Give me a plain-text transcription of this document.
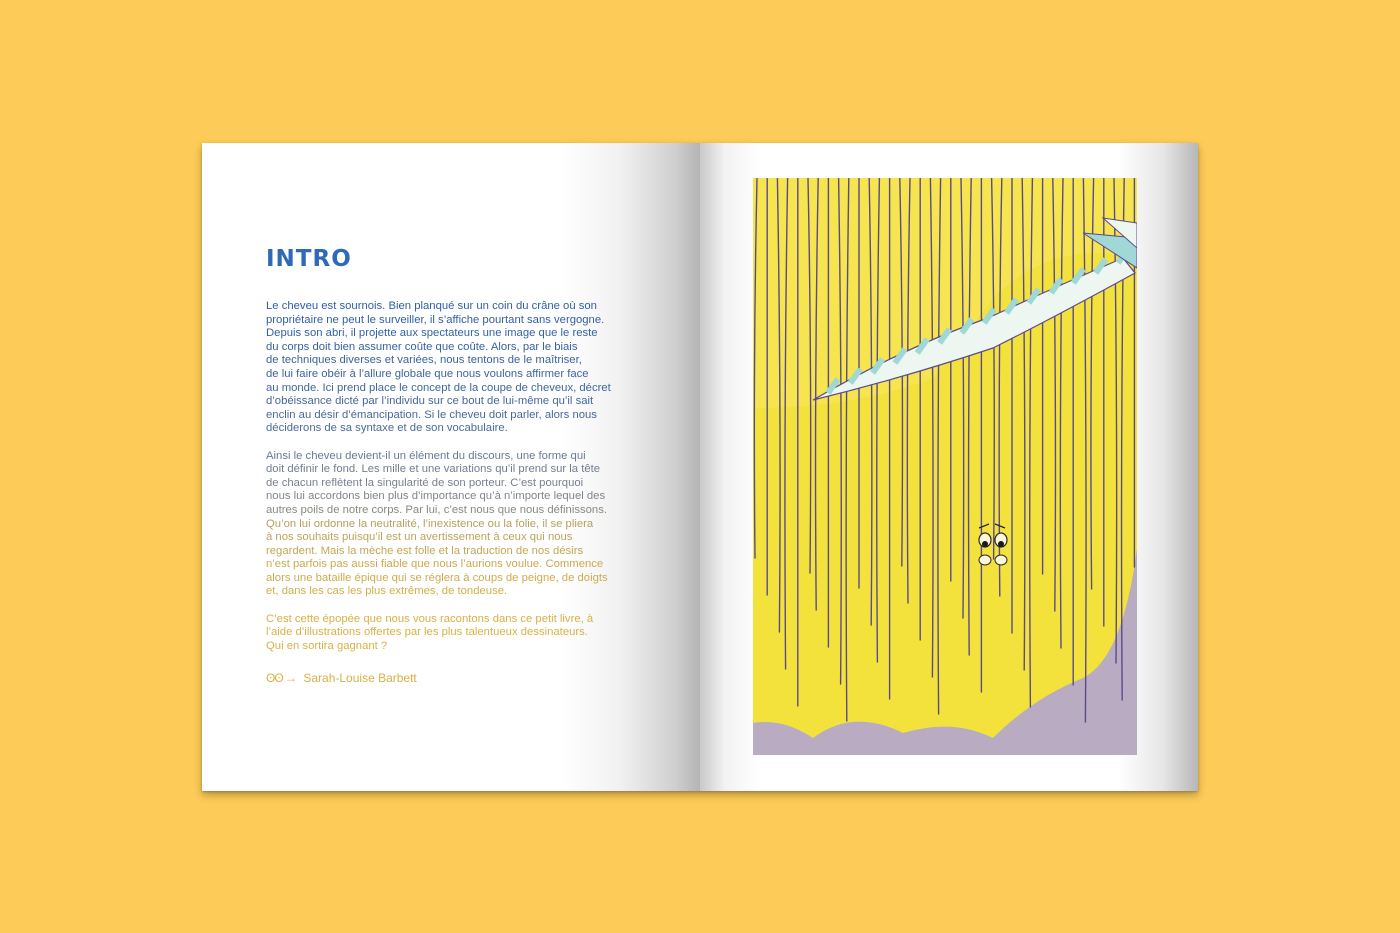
INTRO

Le cheveu est sournois. Bien planqué sur un coin du crâne où son
propriétaire ne peut le surveiller, il s’affiche pourtant sans vergogne.
Depuis son abri, il projette aux spectateurs une image que le reste
du corps doit bien assumer coûte que coûte. Alors, par le biais
de techniques diverses et variées, nous tentons de le maîtriser,
de lui faire obéir à l’allure globale que nous voulons affirmer face
au monde. Ici prend place le concept de la coupe de cheveux, décret
d’obéissance dicté par l’individu sur ce bout de lui-même qu’il sait
enclin au désir d’émancipation. Si le cheveu doit parler, alors nous
déciderons de sa syntaxe et de son vocabulaire.

Ainsi le cheveu devient-il un élément du discours, une forme qui
doit définir le fond. Les mille et une variations qu’il prend sur la tête
de chacun reflètent la singularité de son porteur. C’est pourquoi
nous lui accordons bien plus d’importance qu’à n’importe lequel des
autres poils de notre corps. Par lui, c’est nous que nous définissons.
Qu’on lui ordonne la neutralité, l’inexistence ou la folie, il se pliera
à nos souhaits puisqu’il est un avertissement à ceux qui nous
regardent. Mais la mèche est folle et la traduction de nos désirs
n’est parfois pas aussi fiable que nous l’aurions voulue. Commence
alors une bataille épique qui se réglera à coups de peigne, de doigts
et, dans les cas les plus extrêmes, de tondeuse.

C’est cette épopée que nous vous racontons dans ce petit livre, à
l’aide d’illustrations offertes par les plus talentueux dessinateurs.
Qui en sortira gagnant ?

ʘʘ → Sarah-Louise Barbett
